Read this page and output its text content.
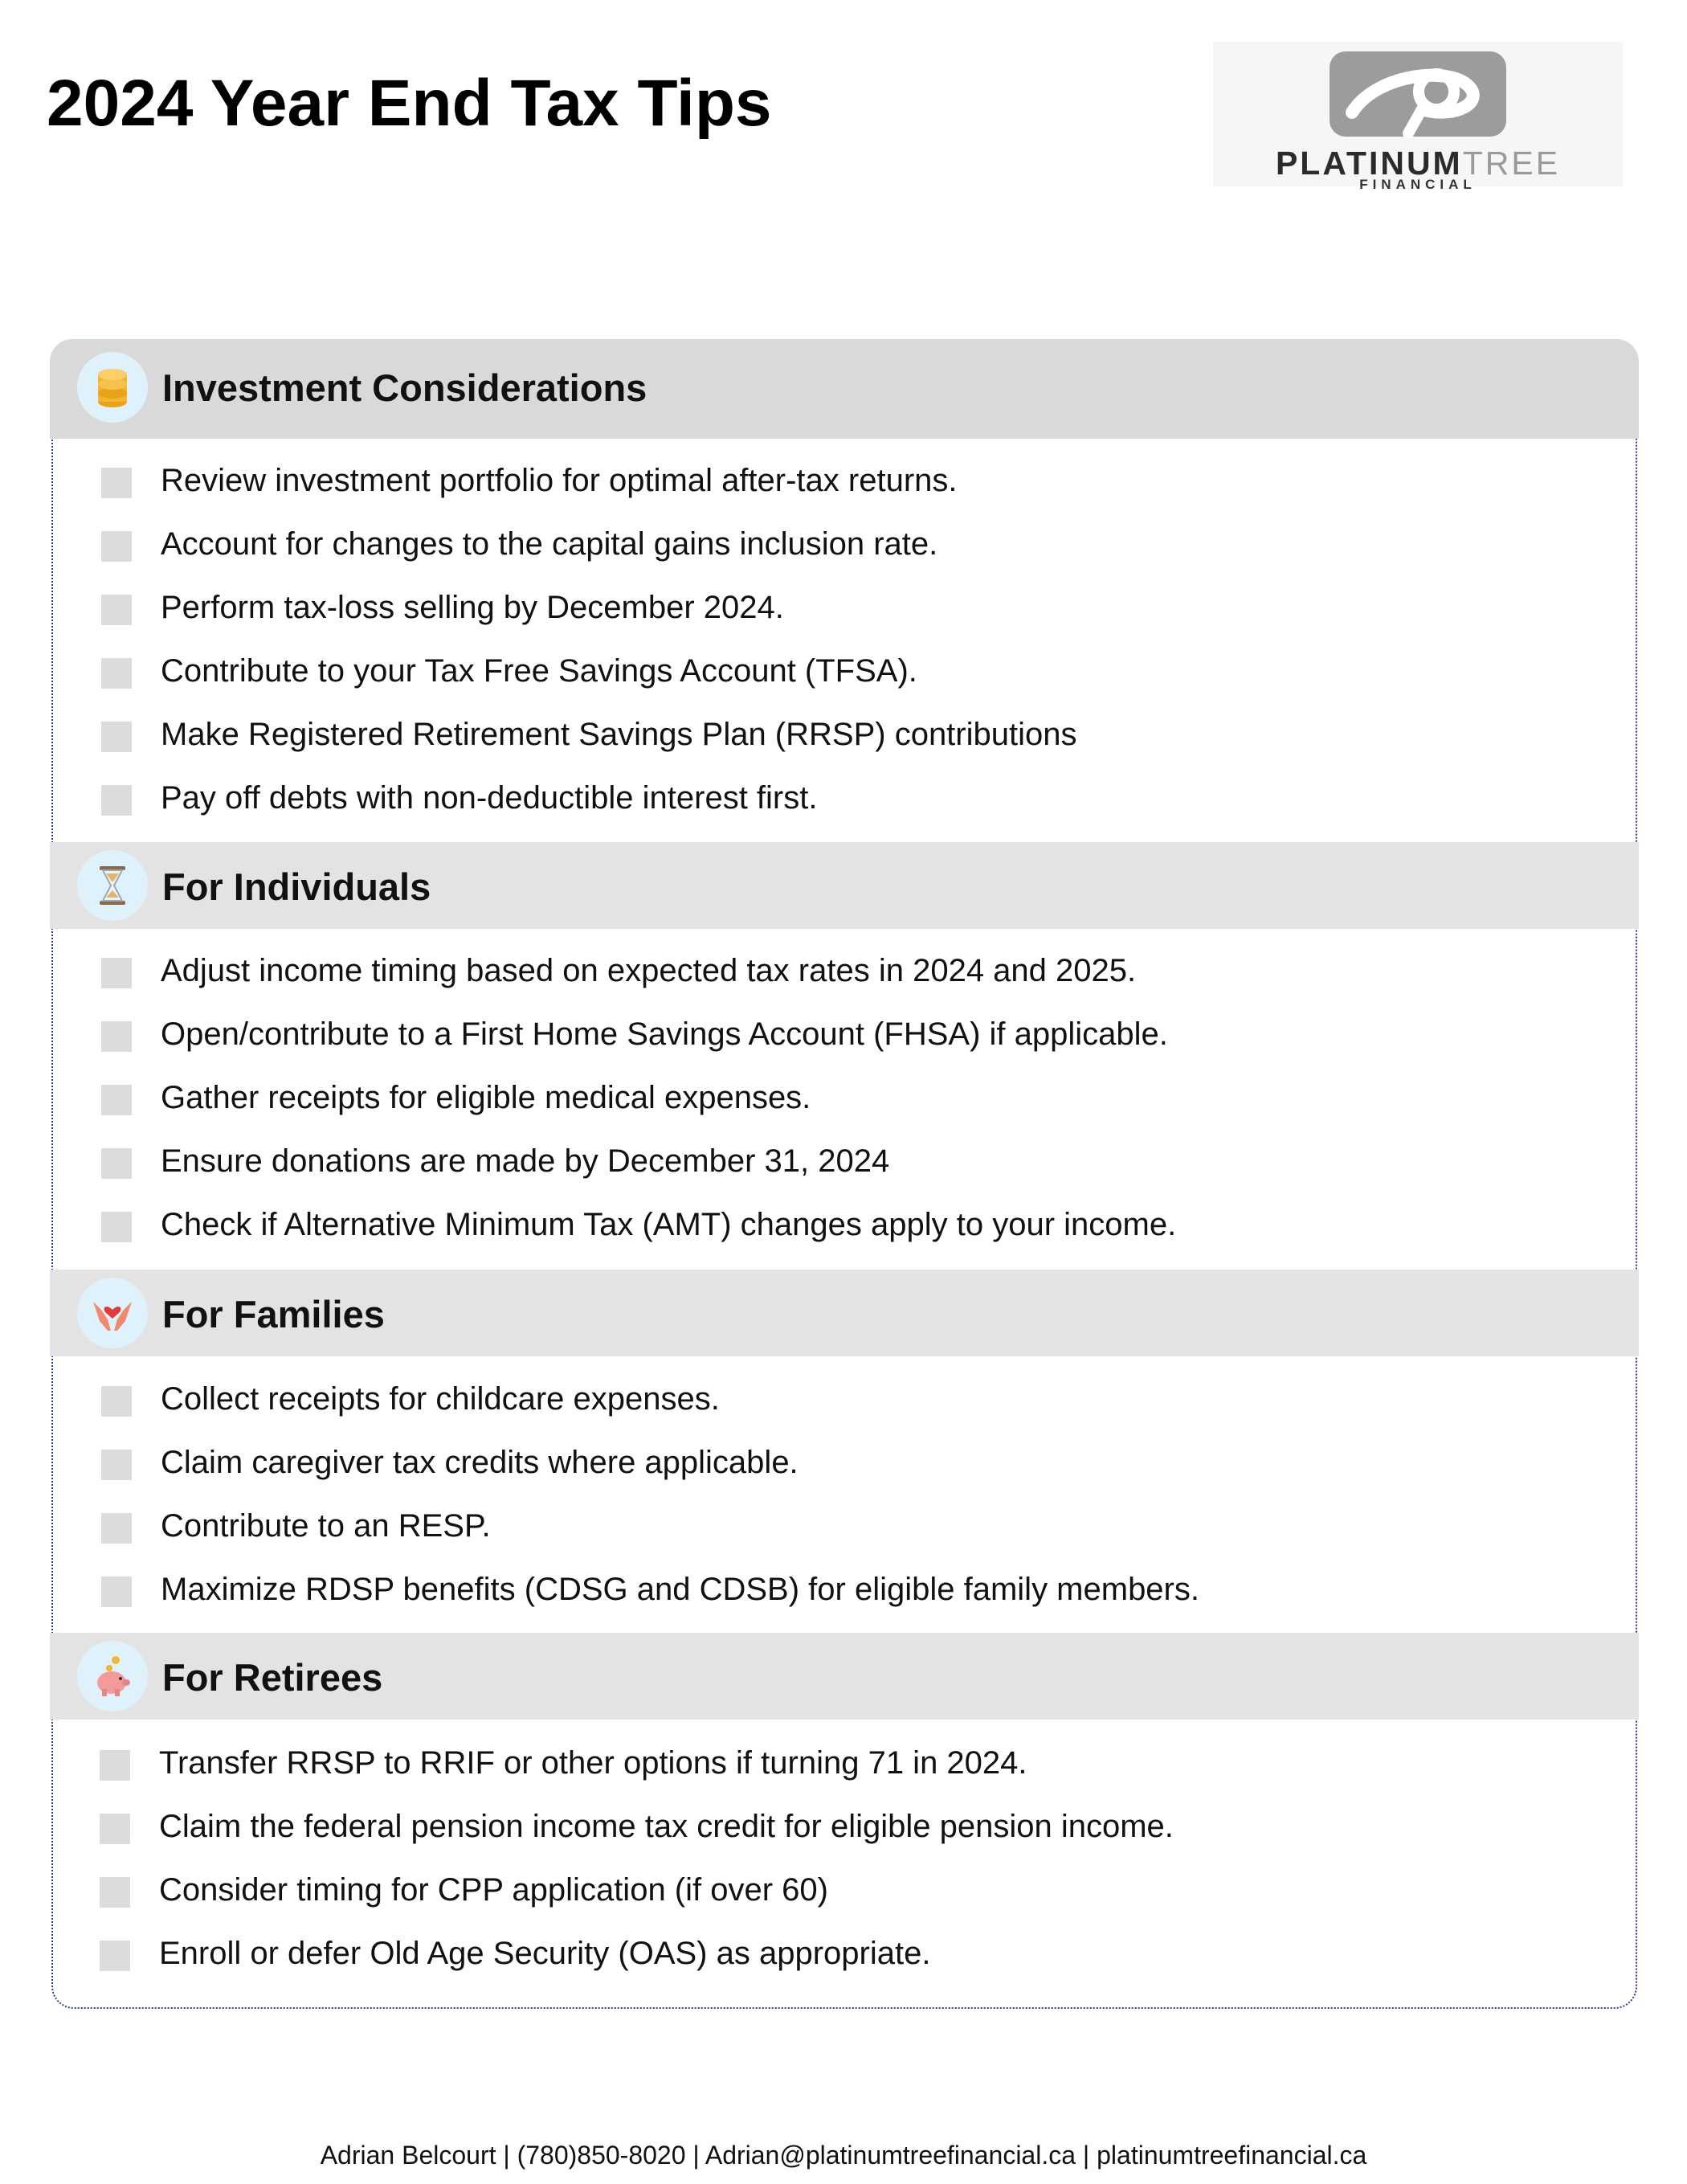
2024 Year End Tax Tips
PLATINUMTREE
FINANCIAL
Investment Considerations
Review investment portfolio for optimal after-tax returns.
Account for changes to the capital gains inclusion rate.
Perform tax-loss selling by December 2024.
Contribute to your Tax Free Savings Account (TFSA).
Make Registered Retirement Savings Plan (RRSP) contributions
Pay off debts with non-deductible interest first.
For Individuals
Adjust income timing based on expected tax rates in 2024 and 2025.
Open/contribute to a First Home Savings Account (FHSA) if applicable.
Gather receipts for eligible medical expenses.
Ensure donations are made by December 31, 2024
Check if Alternative Minimum Tax (AMT) changes apply to your income.
For Families
Collect receipts for childcare expenses.
Claim caregiver tax credits where applicable.
Contribute to an RESP.
Maximize RDSP benefits (CDSG and CDSB) for eligible family members.
For Retirees
Transfer RRSP to RRIF or other options if turning 71 in 2024.
Claim the federal pension income tax credit for eligible pension income.
Consider timing for CPP application (if over 60)
Enroll or defer Old Age Security (OAS) as appropriate.
Adrian Belcourt | (780)850-8020 | Adrian@platinumtreefinancial.ca | platinumtreefinancial.ca
